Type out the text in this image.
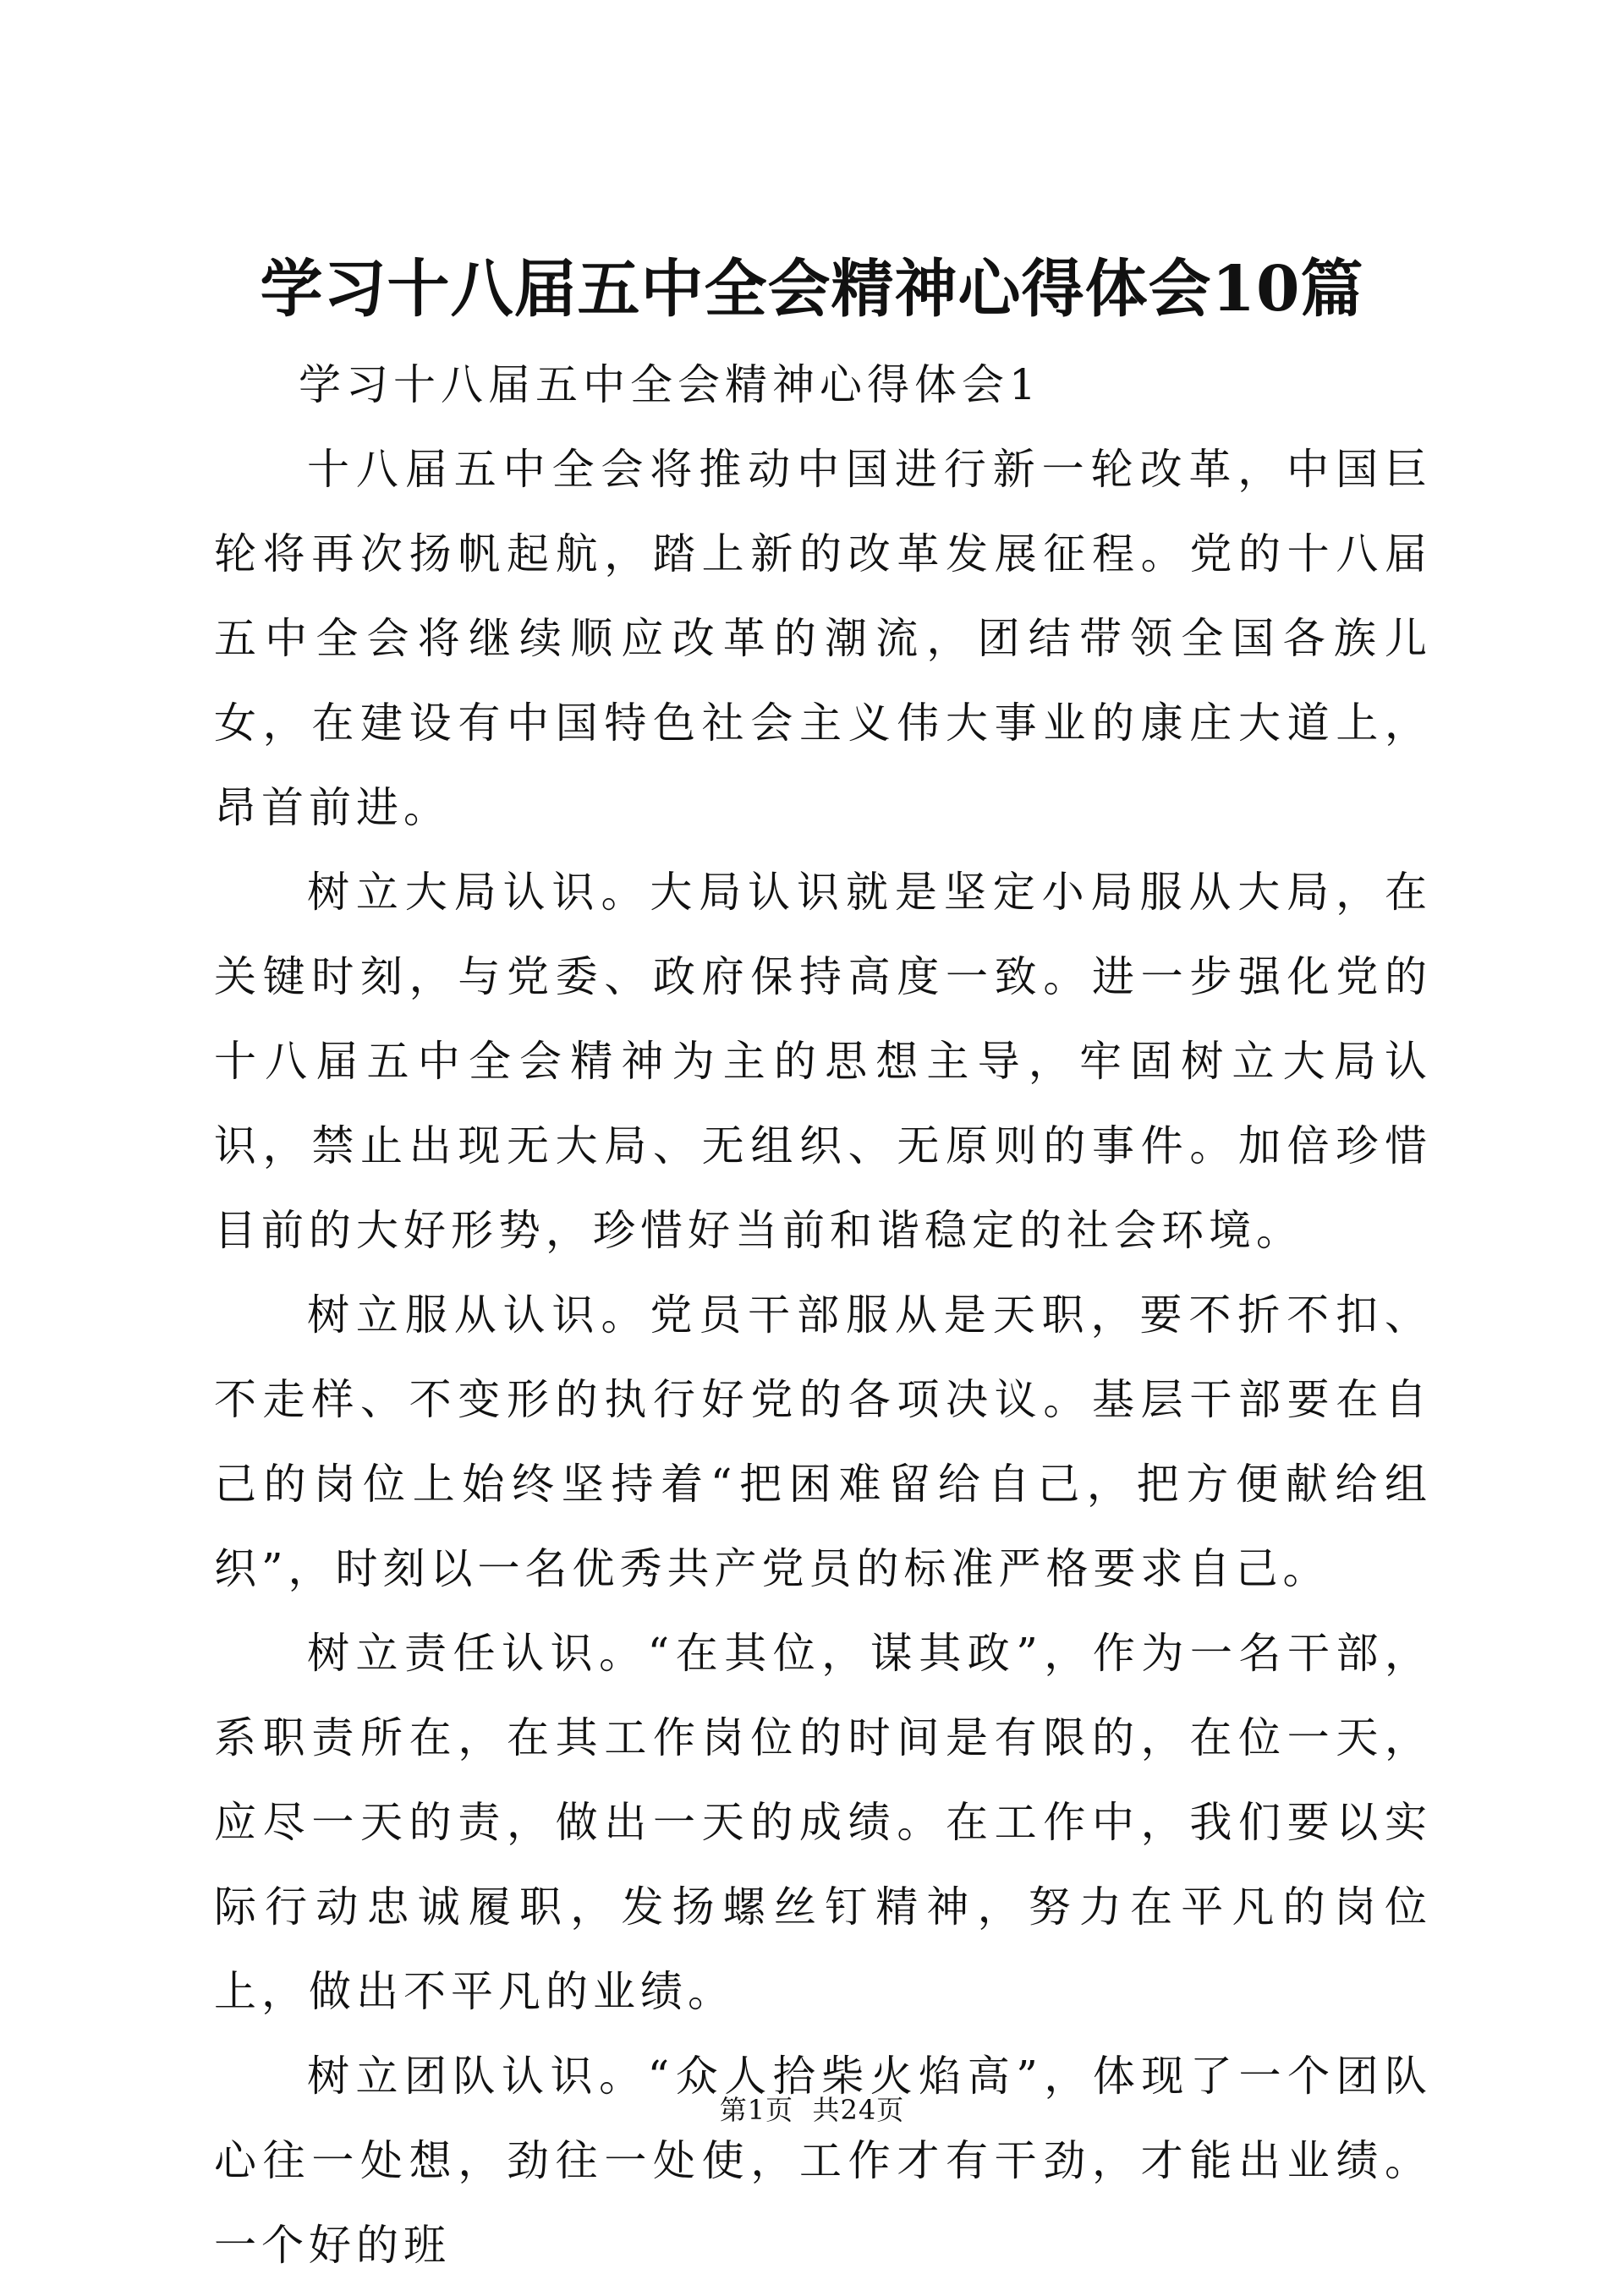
学习十八届五中全会精神心得体会10篇

学习十八届五中全会精神心得体会1

十八届五中全会将推动中国进行新一轮改革，中国巨轮将再次扬帆起航，踏上新的改革发展征程。党的十八届五中全会将继续顺应改革的潮流，团结带领全国各族儿女，在建设有中国特色社会主义伟大事业的康庄大道上，昂首前进。

树立大局认识。大局认识就是坚定小局服从大局，在关键时刻，与党委、政府保持高度一致。进一步强化党的十八届五中全会精神为主的思想主导，牢固树立大局认识，禁止出现无大局、无组织、无原则的事件。加倍珍惜目前的大好形势，珍惜好当前和谐稳定的社会环境。

树立服从认识。党员干部服从是天职，要不折不扣、不走样、不变形的执行好党的各项决议。基层干部要在自己的岗位上始终坚持着“把困难留给自己，把方便献给组织”，时刻以一名优秀共产党员的标准严格要求自己。

树立责任认识。“在其位，谋其政”，作为一名干部，系职责所在，在其工作岗位的时间是有限的，在位一天，应尽一天的责，做出一天的成绩。在工作中，我们要以实际行动忠诚履职，发扬螺丝钉精神，努力在平凡的岗位上，做出不平凡的业绩。

树立团队认识。“众人拾柴火焰高”，体现了一个团队心往一处想，劲往一处使，工作才有干劲，才能出业绩。一个好的班

第1页 共24页
